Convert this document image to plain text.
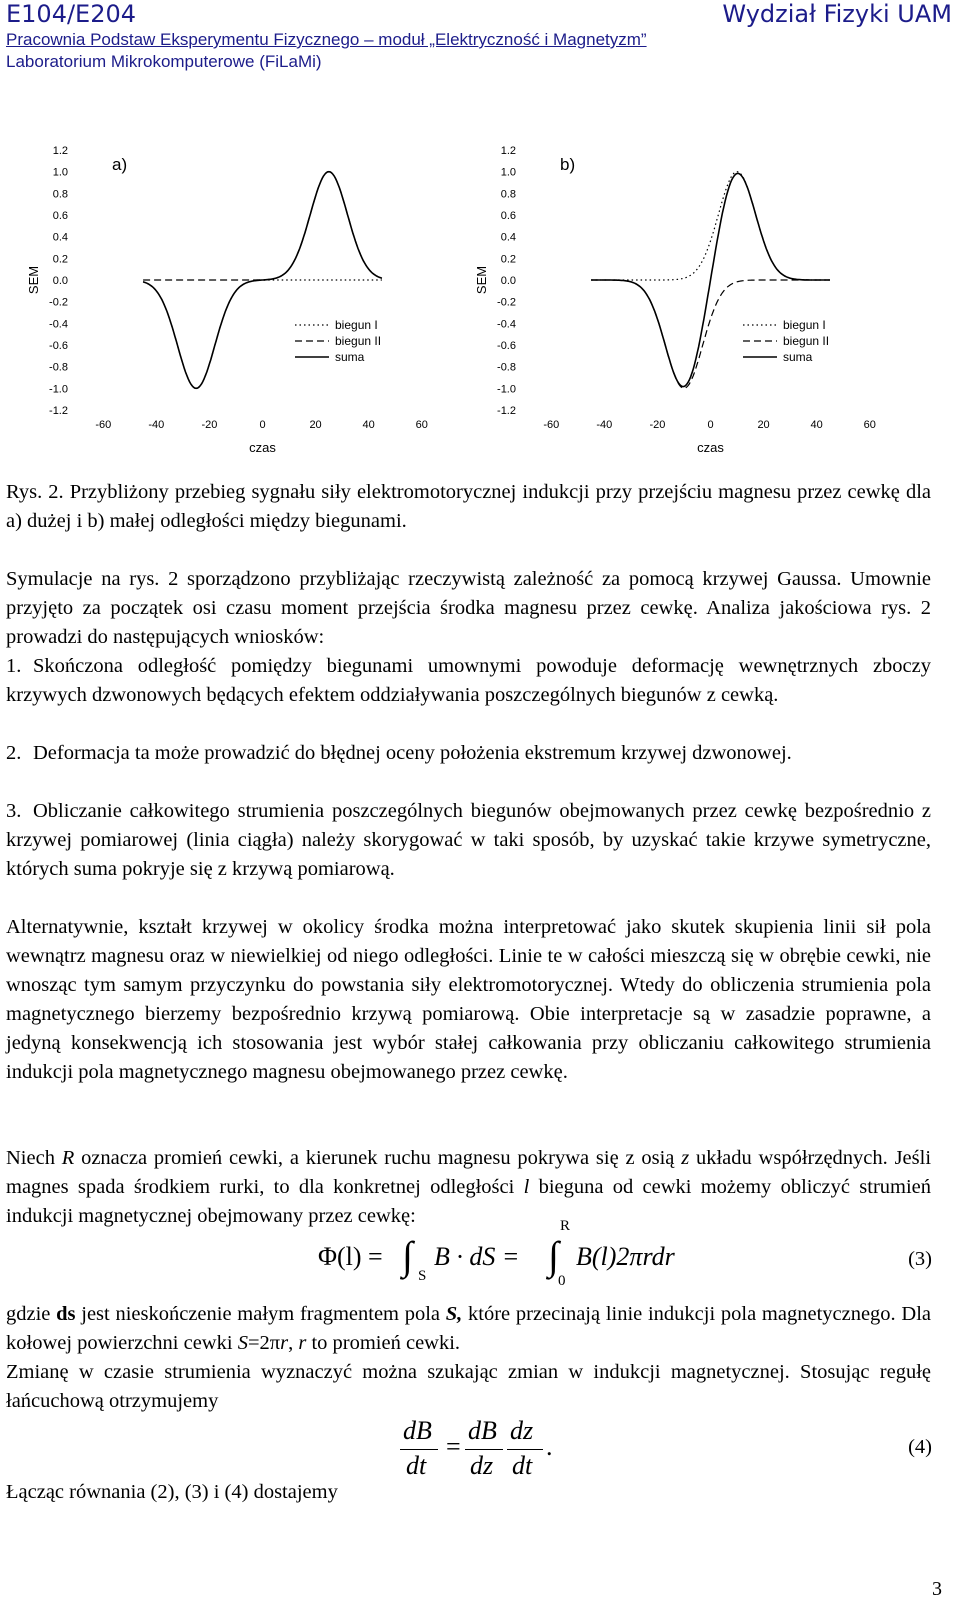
E104/E204	Wydział Fizyki UAM
Pracownia Podstaw Eksperymentu Fizycznego – moduł „Elektryczność i Magnetyzm”
Laboratorium Mikrokomputerowe (FiLaMi)
SEM
1.2
1.0
0.8
0.6
0.4
0.2
0.0
-0.2
-0.4
-0.6
-0.8
-1.0
-1.2
-60	-40	-20	0	20	40	60
czas
a)
biegun I
biegun II
suma
SEM
1.2
1.0
0.8
0.6
0.4
0.2
0.0
-0.2
-0.4
-0.6
-0.8
-1.0
-1.2
-60	-40	-20	0	20	40	60
czas
b)
biegun I
biegun II
suma

Rys. 2. Przybliżony przebieg sygnału siły elektromotorycznej indukcji przy przejściu magnesu przez cewkę dla a) dużej i b) małej odległości między biegunami.

Symulacje na rys. 2 sporządzono przybliżając rzeczywistą zależność za pomocą krzywej Gaussa. Umownie przyjęto za początek osi czasu moment przejścia środka magnesu przez cewkę. Analiza jakościowa rys. 2 prowadzi do następujących wniosków:

1. Skończona odległość pomiędzy biegunami umownymi powoduje deformację wewnętrznych zboczy krzywych dzwonowych będących efektem oddziaływania poszczególnych biegunów z cewką.
2. Deformacja ta może prowadzić do błędnej oceny położenia ekstremum krzywej dzwonowej.
3. Obliczanie całkowitego strumienia poszczególnych biegunów obejmowanych przez cewkę bezpośrednio z krzywej pomiarowej (linia ciągła) należy skorygować w taki sposób, by uzyskać takie krzywe symetryczne, których suma pokryje się z krzywą pomiarową.

Alternatywnie, kształt krzywej w okolicy środka można interpretować jako skutek skupienia linii sił pola wewnątrz magnesu oraz w niewielkiej od niego odległości. Linie te w całości mieszczą się w obrębie cewki, nie wnosząc tym samym przyczynku do powstania siły elektromotorycznej. Wtedy do obliczenia strumienia pola magnetycznego bierzemy bezpośrednio krzywą pomiarową. Obie interpretacje są w zasadzie poprawne, a jedyną konsekwencją ich stosowania jest wybór stałej całkowania przy obliczaniu całkowitego strumienia indukcji pola magnetycznego magnesu obejmowanego przez cewkę.

Niech R oznacza promień cewki, a kierunek ruchu magnesu pokrywa się z osią z układu współrzędnych. Jeśli magnes spada środkiem rurki, to dla konkretnej odległości l bieguna od cewki możemy obliczyć strumień indukcji magnetycznej obejmowany przez cewkę:

Φ(l) = ∫ S
B · dS = ∫
R
0
B(l)2πrdr	(3)

gdzie ds jest nieskończenie małym fragmentem pola S, które przecinają linie indukcji pola magnetycznego. Dla kołowej powierzchni cewki S=2πr, r to promień cewki.

Zmianę w czasie strumienia wyznaczyć można szukając zmian w indukcji magnetycznej. Stosując regułę łańcuchową otrzymujemy

dB
dt
=
dB
dz
dz
dt
.	(4)

Łącząc równania (2), (3) i (4) dostajemy

3
